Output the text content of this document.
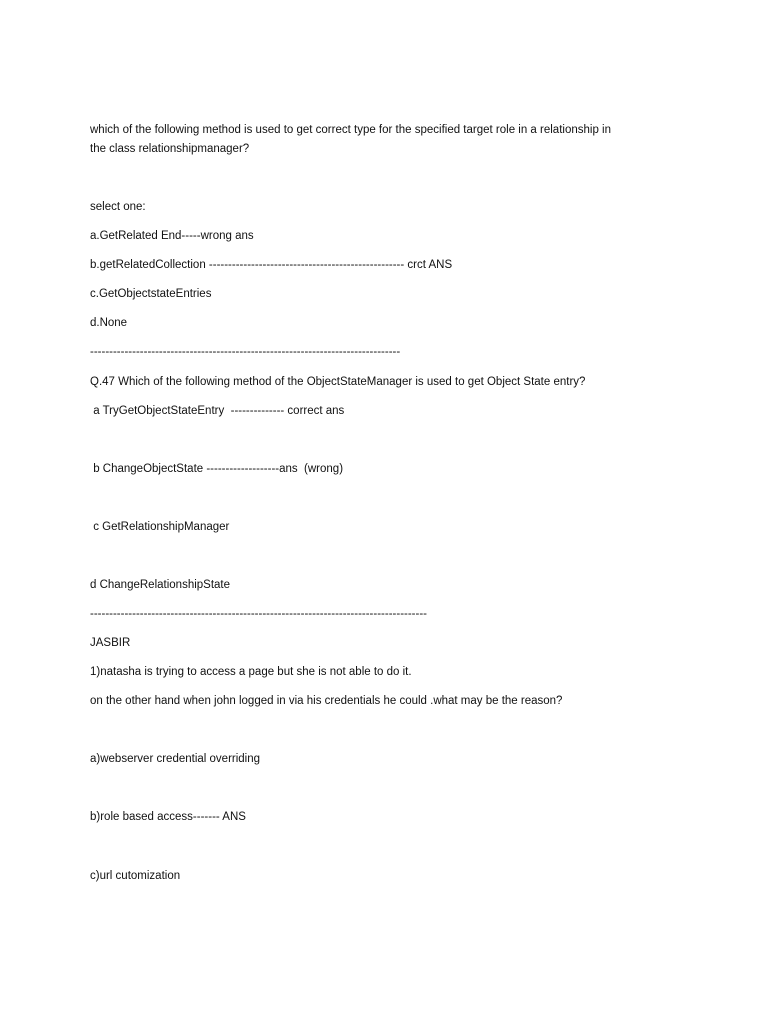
which of the following method is used to get correct type for the specified target role in a relationship in
the class relationshipmanager?
select one:
a.GetRelated End-----wrong ans
b.getRelatedCollection --------------------------------------------------- crct ANS
c.GetObjectstateEntries
d.None
---------------------------------------------------------------------------------
Q.47 Which of the following method of the ObjectStateManager is used to get Object State entry?
a TryGetObjectStateEntry  -------------- correct ans
b ChangeObjectState -------------------ans  (wrong)
c GetRelationshipManager
d ChangeRelationshipState
----------------------------------------------------------------------------------------
JASBIR
1)natasha is trying to access a page but she is not able to do it.
on the other hand when john logged in via his credentials he could .what may be the reason?
a)webserver credential overriding
b)role based access------- ANS
c)url cutomization
